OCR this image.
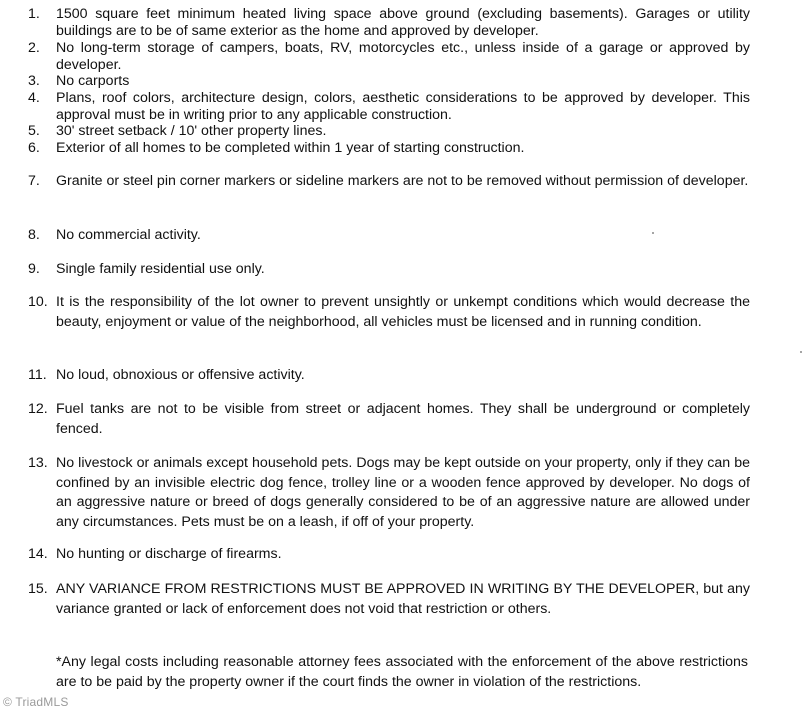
1.	1500 square feet minimum heated living space above ground (excluding basements). Garages or utility buildings are to be of same exterior as the home and approved by developer.
2.	No long-term storage of campers, boats, RV, motorcycles etc., unless inside of a garage or approved by developer.
3.	No carports
4.	Plans, roof colors, architecture design, colors, aesthetic considerations to be approved by developer. This approval must be in writing prior to any applicable construction.
5.	30' street setback / 10' other property lines.
6.	Exterior of all homes to be completed within 1 year of starting construction.
7.	Granite or steel pin corner markers or sideline markers are not to be removed without permission of developer.
8.	No commercial activity.
9.	Single family residential use only.
10. It is the responsibility of the lot owner to prevent unsightly or unkempt conditions which would decrease the beauty, enjoyment or value of the neighborhood, all vehicles must be licensed and in running condition.
11. No loud, obnoxious or offensive activity.
12. Fuel tanks are not to be visible from street or adjacent homes. They shall be underground or completely fenced.
13. No livestock or animals except household pets. Dogs may be kept outside on your property, only if they can be confined by an invisible electric dog fence, trolley line or a wooden fence approved by developer. No dogs of an aggressive nature or breed of dogs generally considered to be of an aggressive nature are allowed under any circumstances. Pets must be on a leash, if off of your property.
14. No hunting or discharge of firearms.
15. ANY VARIANCE FROM RESTRICTIONS MUST BE APPROVED IN WRITING BY THE DEVELOPER, but any variance granted or lack of enforcement does not void that restriction or others.
*Any legal costs including reasonable attorney fees associated with the enforcement of the above restrictions are to be paid by the property owner if the court finds the owner in violation of the restrictions.
© TriadMLS
